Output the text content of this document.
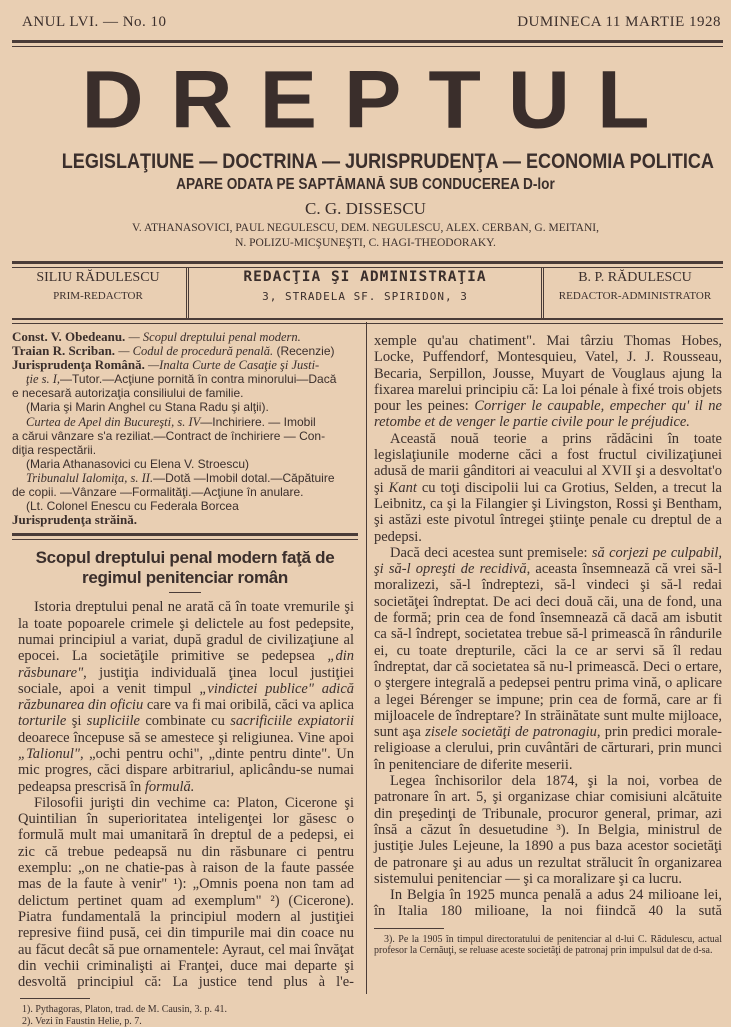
ANUL LVI. — No. 10	DUMINECA 11 MARTIE 1928
DREPTUL
LEGISLAŢIUNE — DOCTRINA — JURISPRUDENŢA — ECONOMIA POLITICA
APARE ODATA PE SAPTĂMANĂ SUB CONDUCEREA D-lor
C. G. DISSESCU
V. ATHANASOVICI, PAUL NEGULESCU, DEM. NEGULESCU, ALEX. CERBAN, G. MEITANI,
N. POLIZU-MICŞUNEŞTI, C. HAGI-THEODORAKY.
SILIU RĂDULESCU
PRIM-REDACTOR
REDACŢIA ŞI ADMINISTRAŢIA
3, STRADELA SF. SPIRIDON, 3
B. P. RĂDULESCU
REDACTOR-ADMINISTRATOR
Const. V. Obedeanu. — Scopul dreptului penal modern.
Traian R. Scriban. — Codul de procedură penală. (Recenzie)
Jurisprudenţa Română. —Inalta Curte de Casaţie şi Justi-
ţie s. I,—Tutor.—Acţiune pornită în contra minorului—Dacă
e necesară autorizaţia consiliului de familie.
(Maria şi Marin Anghel cu Stana Radu şi alţii).
Curtea de Apel din Bucureşti, s. IV—Inchiriere. — Imobil
a cărui vânzare s'a reziliat.—Contract de închiriere — Con-
diţia respectării.
(Maria Athanasovici cu Elena V. Stroescu)
Tribunalul Ialomiţa, s. II.—Dotă —Imobil dotal.—Căpătuire
de copii. —Vânzare —Formalităţi.—Acţiune în anulare.
(Lt. Colonel Enescu cu Federala Borcea
Jurisprudenţa străină.
Scopul dreptului penal modern faţă de regimul penitenciar român

Istoria dreptului penal ne arată că în toate vremurile şi la toate popoarele crimele şi delictele au fost pedepsite, numai principiul a variat, după gradul de civilizaţiune al epocei. La societăţile primitive se pedepsea „din răsbunare", justiţia individuală ţinea locul justiţiei sociale, apoi a venit timpul „vindictei publice" adică răzbunarea din oficiu care va fi mai oribilă, căci va aplica torturile şi supliciile combinate cu sacrificiile expiatorii deoarece începuse să se amestece şi religiunea. Vine apoi „Talionul", „ochi pentru ochi", „dinte pentru dinte". Un mic progres, căci dispare arbitrariul, aplicându-se numai pedeapsa prescrisă în formulă.

Filosofii jurişti din vechime ca: Platon, Cicerone şi Quintilian în superioritatea inteligenţei lor găsesc o formulă mult mai umanitară în dreptul de a pedepsi, ei zic că trebue pedeapsă nu din răsbunare ci pentru exemplu: „on ne chatie-pas à raison de la faute passée mas de la faute à venir" ¹): „Omnis poena non tam ad delictum pertinet quam ad exemplum" ²) (Cicerone). Piatra fundamentală la principiul modern al justiţiei represive fiind pusă, cei din timpurile mai din coace nu au făcut decât să pue ornamentele: Ayraut, cel mai învăţat din vechii criminalişti ai Franţei, duce mai departe şi desvoltă principiul că: La justice tend plus à l'e-

1). Pythagoras, Platon, trad. de M. Causin, 3. p. 41.
2). Vezi în Faustin Helie, p. 7.

xemple qu'au chatiment". Mai târziu Thomas Hobes, Locke, Puffendorf, Montesquieu, Vatel, J. J. Rousseau, Becaria, Serpillon, Jousse, Muyart de Vouglaus ajung la fixarea marelui principiu că: La loi pénale à fixé trois objets pour les peines: Corriger le caupable, empecher qu' il ne retombe et de venger le partie civile pour le préjudice.

Această nouă teorie a prins rădăcini în toate legislaţiunile moderne căci a fost fructul civilizaţiunei adusă de marii gânditori ai veacului al XVII şi a desvoltat'o şi Kant cu toţi discipolii lui ca Grotius, Selden, a trecut la Leibnitz, ca şi la Filangier şi Livingston, Rossi şi Bentham, şi astăzi este pivotul întregei ştiinţe penale cu dreptul de a pedepsi.

Dacă deci acestea sunt premisele: să corjezi pe culpabil, şi să-l opreşti de recidivă, aceasta însemnează că vrei să-l moralizezi, să-l îndreptezi, să-l vindeci şi să-l redai societăţei îndreptat. De aci deci două căi, una de fond, una de formă; prin cea de fond însemnează că dacă am isbutit ca să-l îndrept, societatea trebue să-l primească în rândurile ei, cu toate drepturile, căci la ce ar servi să îl redau îndreptat, dar că societatea să nu-l primească. Deci o ertare, o ştergere integrală a pedepsei pentru prima vină, o aplicare a legei Bérenger se impune; prin cea de formă, care ar fi mijloacele de îndreptare? In străinătate sunt multe mijloace, sunt aşa zisele societăţi de patronagiu, prin predici morale-religioase a clerului, prin cuvântări de cărturari, prin munci în penitenciare de diferite meserii.

Legea închisorilor dela 1874, şi la noi, vorbea de patronare în art. 5, şi organizase chiar comisiuni alcătuite din preşedinţi de Tribunale, procuror general, primar, azi însă a căzut în desuetudine ³). In Belgia, ministrul de justiţie Jules Lejeune, la 1890 a pus baza acestor societăţi de patronare şi au adus un rezultat strălucit în organizarea sistemului penitenciar — şi ca moralizare şi ca lucru.

In Belgia în 1925 munca penală a adus 24 milioane lei, în Italia 180 milioane, la noi fiindcă 40 la sută

3). Pe la 1905 în timpul directoratului de penitenciar al d-lui C. Rădulescu, actual profesor la Cernăuţi, se reluase aceste societăţi de patronaj prin impulsul dat de d-sa.
